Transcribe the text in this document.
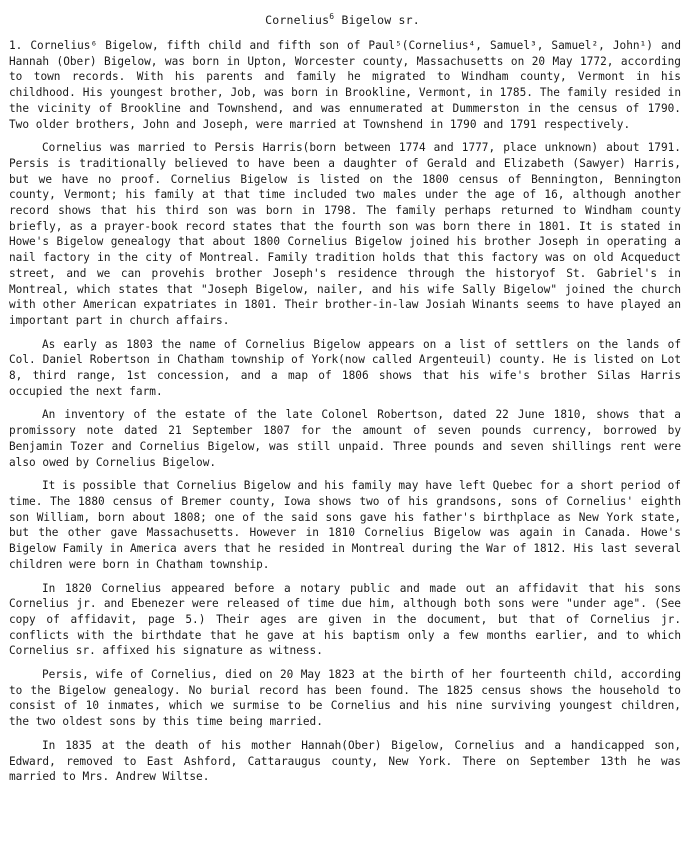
Cornelius$^6$ Bigelow sr.

1. Cornelius⁶ Bigelow, fifth child and fifth son of Paul⁵(Cornelius⁴, Samuel³, Samuel², John¹) and Hannah (Ober) Bigelow, was born in Upton, Worcester county, Massachusetts on 20 May 1772, according to town records. With his parents and family he migrated to Windham county, Vermont in his childhood. His youngest brother, Job, was born in Brookline, Vermont, in 1785. The family resided in the vicinity of Brookline and Townshend, and was ennumerated at Dummerston in the census of 1790. Two older brothers, John and Joseph, were married at Townshend in 1790 and 1791 respectively.

Cornelius was married to Persis Harris(born between 1774 and 1777, place unknown) about 1791. Persis is traditionally believed to have been a daughter of Gerald and Elizabeth (Sawyer) Harris, but we have no proof. Cornelius Bigelow is listed on the 1800 census of Bennington, Bennington county, Vermont; his family at that time included two males under the age of 16, although another record shows that his third son was born in 1798. The family perhaps returned to Windham county briefly, as a prayer-book record states that the fourth son was born there in 1801. It is stated in Howe's Bigelow genealogy that about 1800 Cornelius Bigelow joined his brother Joseph in operating a nail factory in the city of Montreal. Family tradition holds that this factory was on old Acqueduct street, and we can provehis brother Joseph's residence through the historyof St. Gabriel's in Montreal, which states that "Joseph Bigelow, nailer, and his wife Sally Bigelow" joined the church with other American expatriates in 1801. Their brother-in-law Josiah Winants seems to have played an important part in church affairs.

As early as 1803 the name of Cornelius Bigelow appears on a list of settlers on the lands of Col. Daniel Robertson in Chatham township of York(now called Argenteuil) county. He is listed on Lot 8, third range, 1st concession, and a map of 1806 shows that his wife's brother Silas Harris occupied the next farm.

An inventory of the estate of the late Colonel Robertson, dated 22 June 1810, shows that a promissory note dated 21 September 1807 for the amount of seven pounds currency, borrowed by Benjamin Tozer and Cornelius Bigelow, was still unpaid. Three pounds and seven shillings rent were also owed by Cornelius Bigelow.

It is possible that Cornelius Bigelow and his family may have left Quebec for a short period of time. The 1880 census of Bremer county, Iowa shows two of his grandsons, sons of Cornelius' eighth son William, born about 1808; one of the said sons gave his father's birthplace as New York state, but the other gave Massachusetts. However in 1810 Cornelius Bigelow was again in Canada. Howe's Bigelow Family in America avers that he resided in Montreal during the War of 1812. His last several children were born in Chatham township.

In 1820 Cornelius appeared before a notary public and made out an affidavit that his sons Cornelius jr. and Ebenezer were released of time due him, although both sons were "under age". (See copy of affidavit, page 5.) Their ages are given in the document, but that of Cornelius jr. conflicts with the birthdate that he gave at his baptism only a few months earlier, and to which Cornelius sr. affixed his signature as witness.

Persis, wife of Cornelius, died on 20 May 1823 at the birth of her fourteenth child, according to the Bigelow genealogy. No burial record has been found. The 1825 census shows the household to consist of 10 inmates, which we surmise to be Cornelius and his nine surviving youngest children, the two oldest sons by this time being married.

In 1835 at the death of his mother Hannah(Ober) Bigelow, Cornelius and a handicapped son, Edward, removed to East Ashford, Cattaraugus county, New York. There on September 13th he was married to Mrs. Andrew Wiltse.
